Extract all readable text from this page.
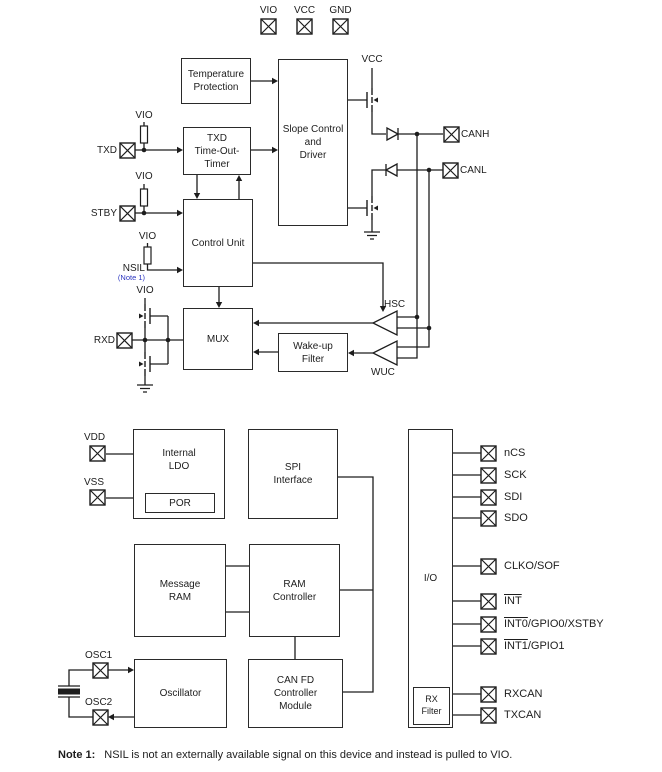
Temperature
Protection
Slope Control
and
Driver
TXD
Time-Out-
Timer
Control Unit
MUX
Wake-up
Filter
Internal
LDO
POR
SPI
Interface
Message
RAM
RAM
Controller
Oscillator
CAN FD
Controller
Module
I/O
RX
Filter
VIO	VCC	GND
VIO
VIO
VIO
VIO
VCC
TXD
STBY
RXD
NSIL
(Note 1)
VDD
VSS
OSC1
OSC2
CANH
CANL
HSC
WUC
nCS
SCK
SDI
SDO
CLKO/SOF
$\overline{INT}$
INT0/GPIO0/XSTBY
INT1/GPIO1
RXCAN
TXCAN
Note 1: NSIL is not an externally available signal on this device and instead is pulled to VIO.
